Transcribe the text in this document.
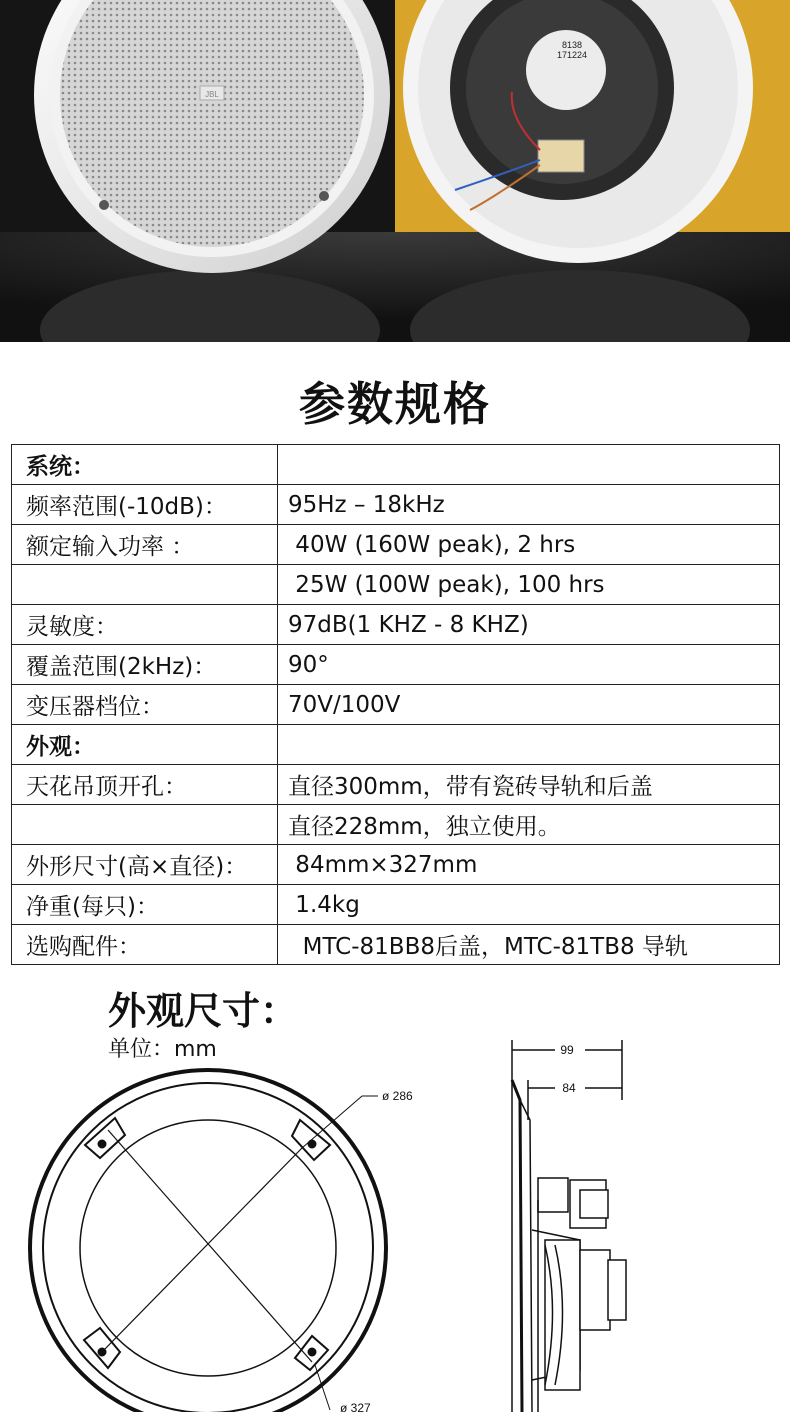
JBL
8138
171224
参数规格
系统：	
频率范围(-10dB)：	95Hz – 18kHz
额定输入功率 ：	40W (160W peak), 2 hrs
	25W (100W peak), 100 hrs
灵敏度：	97dB(1 KHZ - 8 KHZ)
覆盖范围(2kHz)：	90°
变压器档位：	70V/100V
外观：	
天花吊顶开孔：	直径300mm，带有瓷砖导轨和后盖
	直径228mm，独立使用。
外形尺寸(高×直径)：	84mm×327mm
净重(每只)：	1.4kg
选购配件：	MTC-81BB8后盖，MTC-81TB8 导轨
外观尺寸：
单位：mm
ø 286
ø 327
99
84
